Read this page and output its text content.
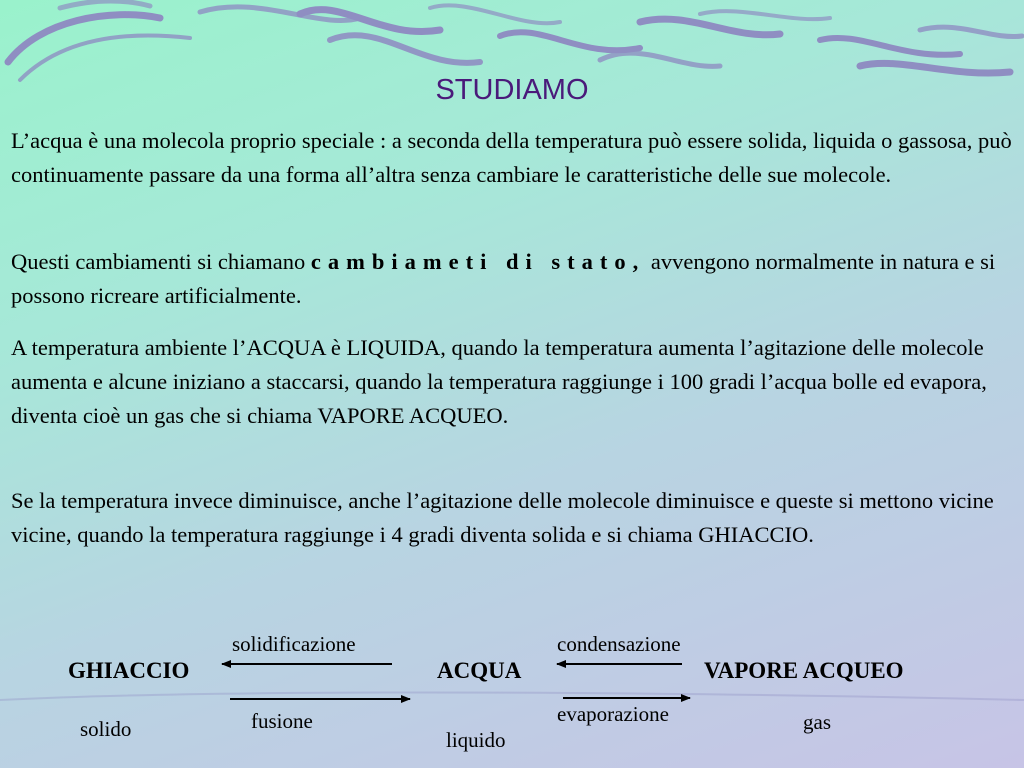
STUDIAMO

L’acqua è una molecola proprio speciale : a seconda della temperatura può essere solida, liquida o gassosa, può continuamente passare da una forma all’altra senza cambiare le caratteristiche delle sue molecole.

Questi cambiamenti si chiamano cambiameti di stato, avvengono normalmente in natura e si possono ricreare artificialmente.

A temperatura ambiente l’ACQUA è LIQUIDA, quando la temperatura aumenta l’agitazione delle molecole aumenta e alcune iniziano a staccarsi, quando la temperatura raggiunge i 100 gradi l’acqua bolle ed evapora, diventa cioè un gas che si chiama VAPORE ACQUEO.

Se la temperatura invece diminuisce, anche l’agitazione delle molecole diminuisce e queste si mettono vicine vicine, quando la temperatura raggiunge i 4 gradi diventa solida e si chiama GHIACCIO.

solidificazione	condensazione
GHIACCIO	ACQUA	VAPORE ACQUEO
fusione	evaporazione
solido	liquido
gas
